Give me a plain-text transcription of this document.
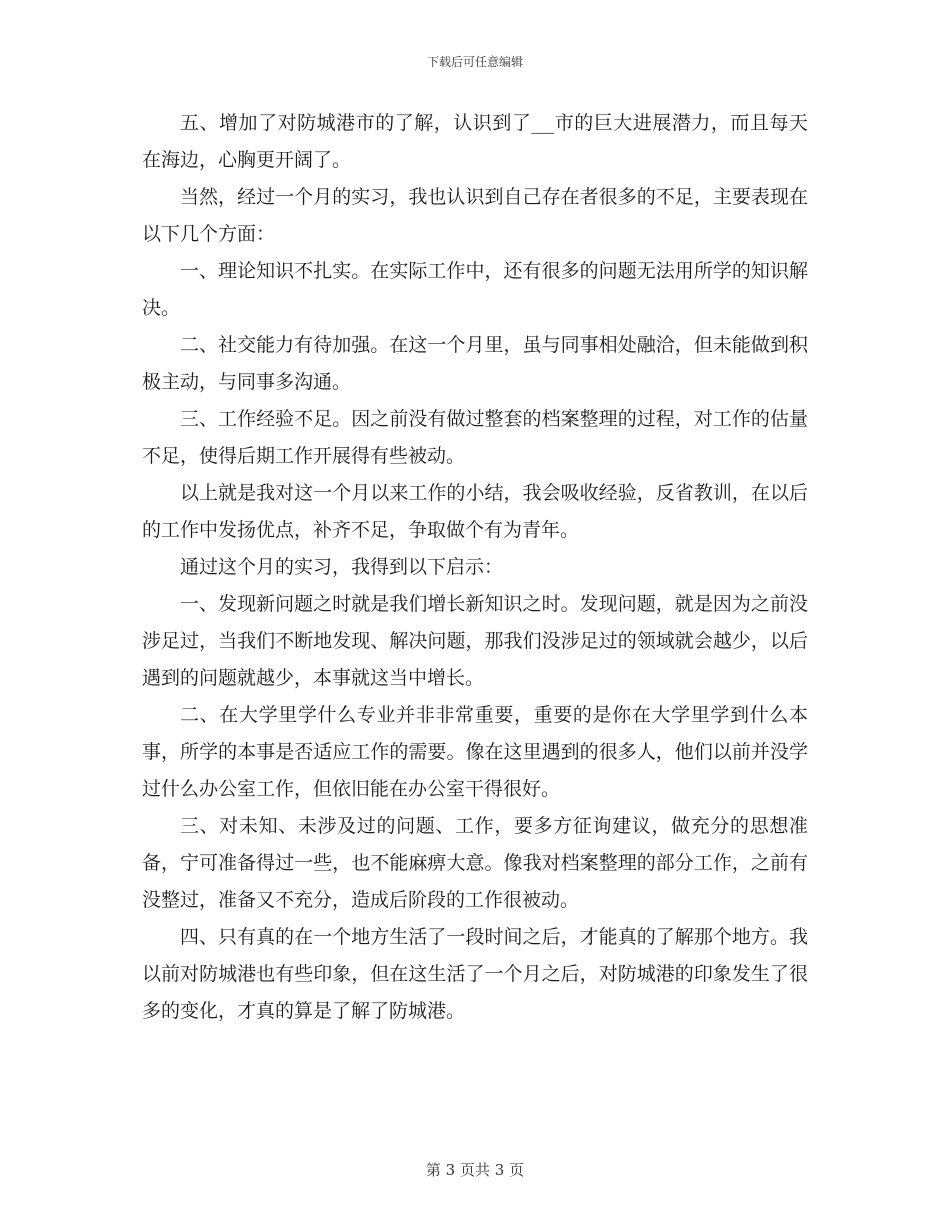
下载后可任意编辑

五、增加了对防城港市的了解，认识到了__市的巨大进展潜力，而且每天在海边，心胸更开阔了。

当然，经过一个月的实习，我也认识到自己存在者很多的不足，主要表现在以下几个方面：

一、理论知识不扎实。在实际工作中，还有很多的问题无法用所学的知识解决。

二、社交能力有待加强。在这一个月里，虽与同事相处融洽，但未能做到积极主动，与同事多沟通。

三、工作经验不足。因之前没有做过整套的档案整理的过程，对工作的估量不足，使得后期工作开展得有些被动。

以上就是我对这一个月以来工作的小结，我会吸收经验，反省教训，在以后的工作中发扬优点，补齐不足，争取做个有为青年。

通过这个月的实习，我得到以下启示：

一、发现新问题之时就是我们增长新知识之时。发现问题，就是因为之前没涉足过，当我们不断地发现、解决问题，那我们没涉足过的领域就会越少，以后遇到的问题就越少，本事就这当中增长。

二、在大学里学什么专业并非非常重要，重要的是你在大学里学到什么本事，所学的本事是否适应工作的需要。像在这里遇到的很多人，他们以前并没学过什么办公室工作，但依旧能在办公室干得很好。

三、对未知、未涉及过的问题、工作，要多方征询建议，做充分的思想准备，宁可准备得过一些，也不能麻痹大意。像我对档案整理的部分工作，之前有没整过，准备又不充分，造成后阶段的工作很被动。

四、只有真的在一个地方生活了一段时间之后，才能真的了解那个地方。我以前对防城港也有些印象，但在这生活了一个月之后，对防城港的印象发生了很多的变化，才真的算是了解了防城港。

第 3 页共 3 页
